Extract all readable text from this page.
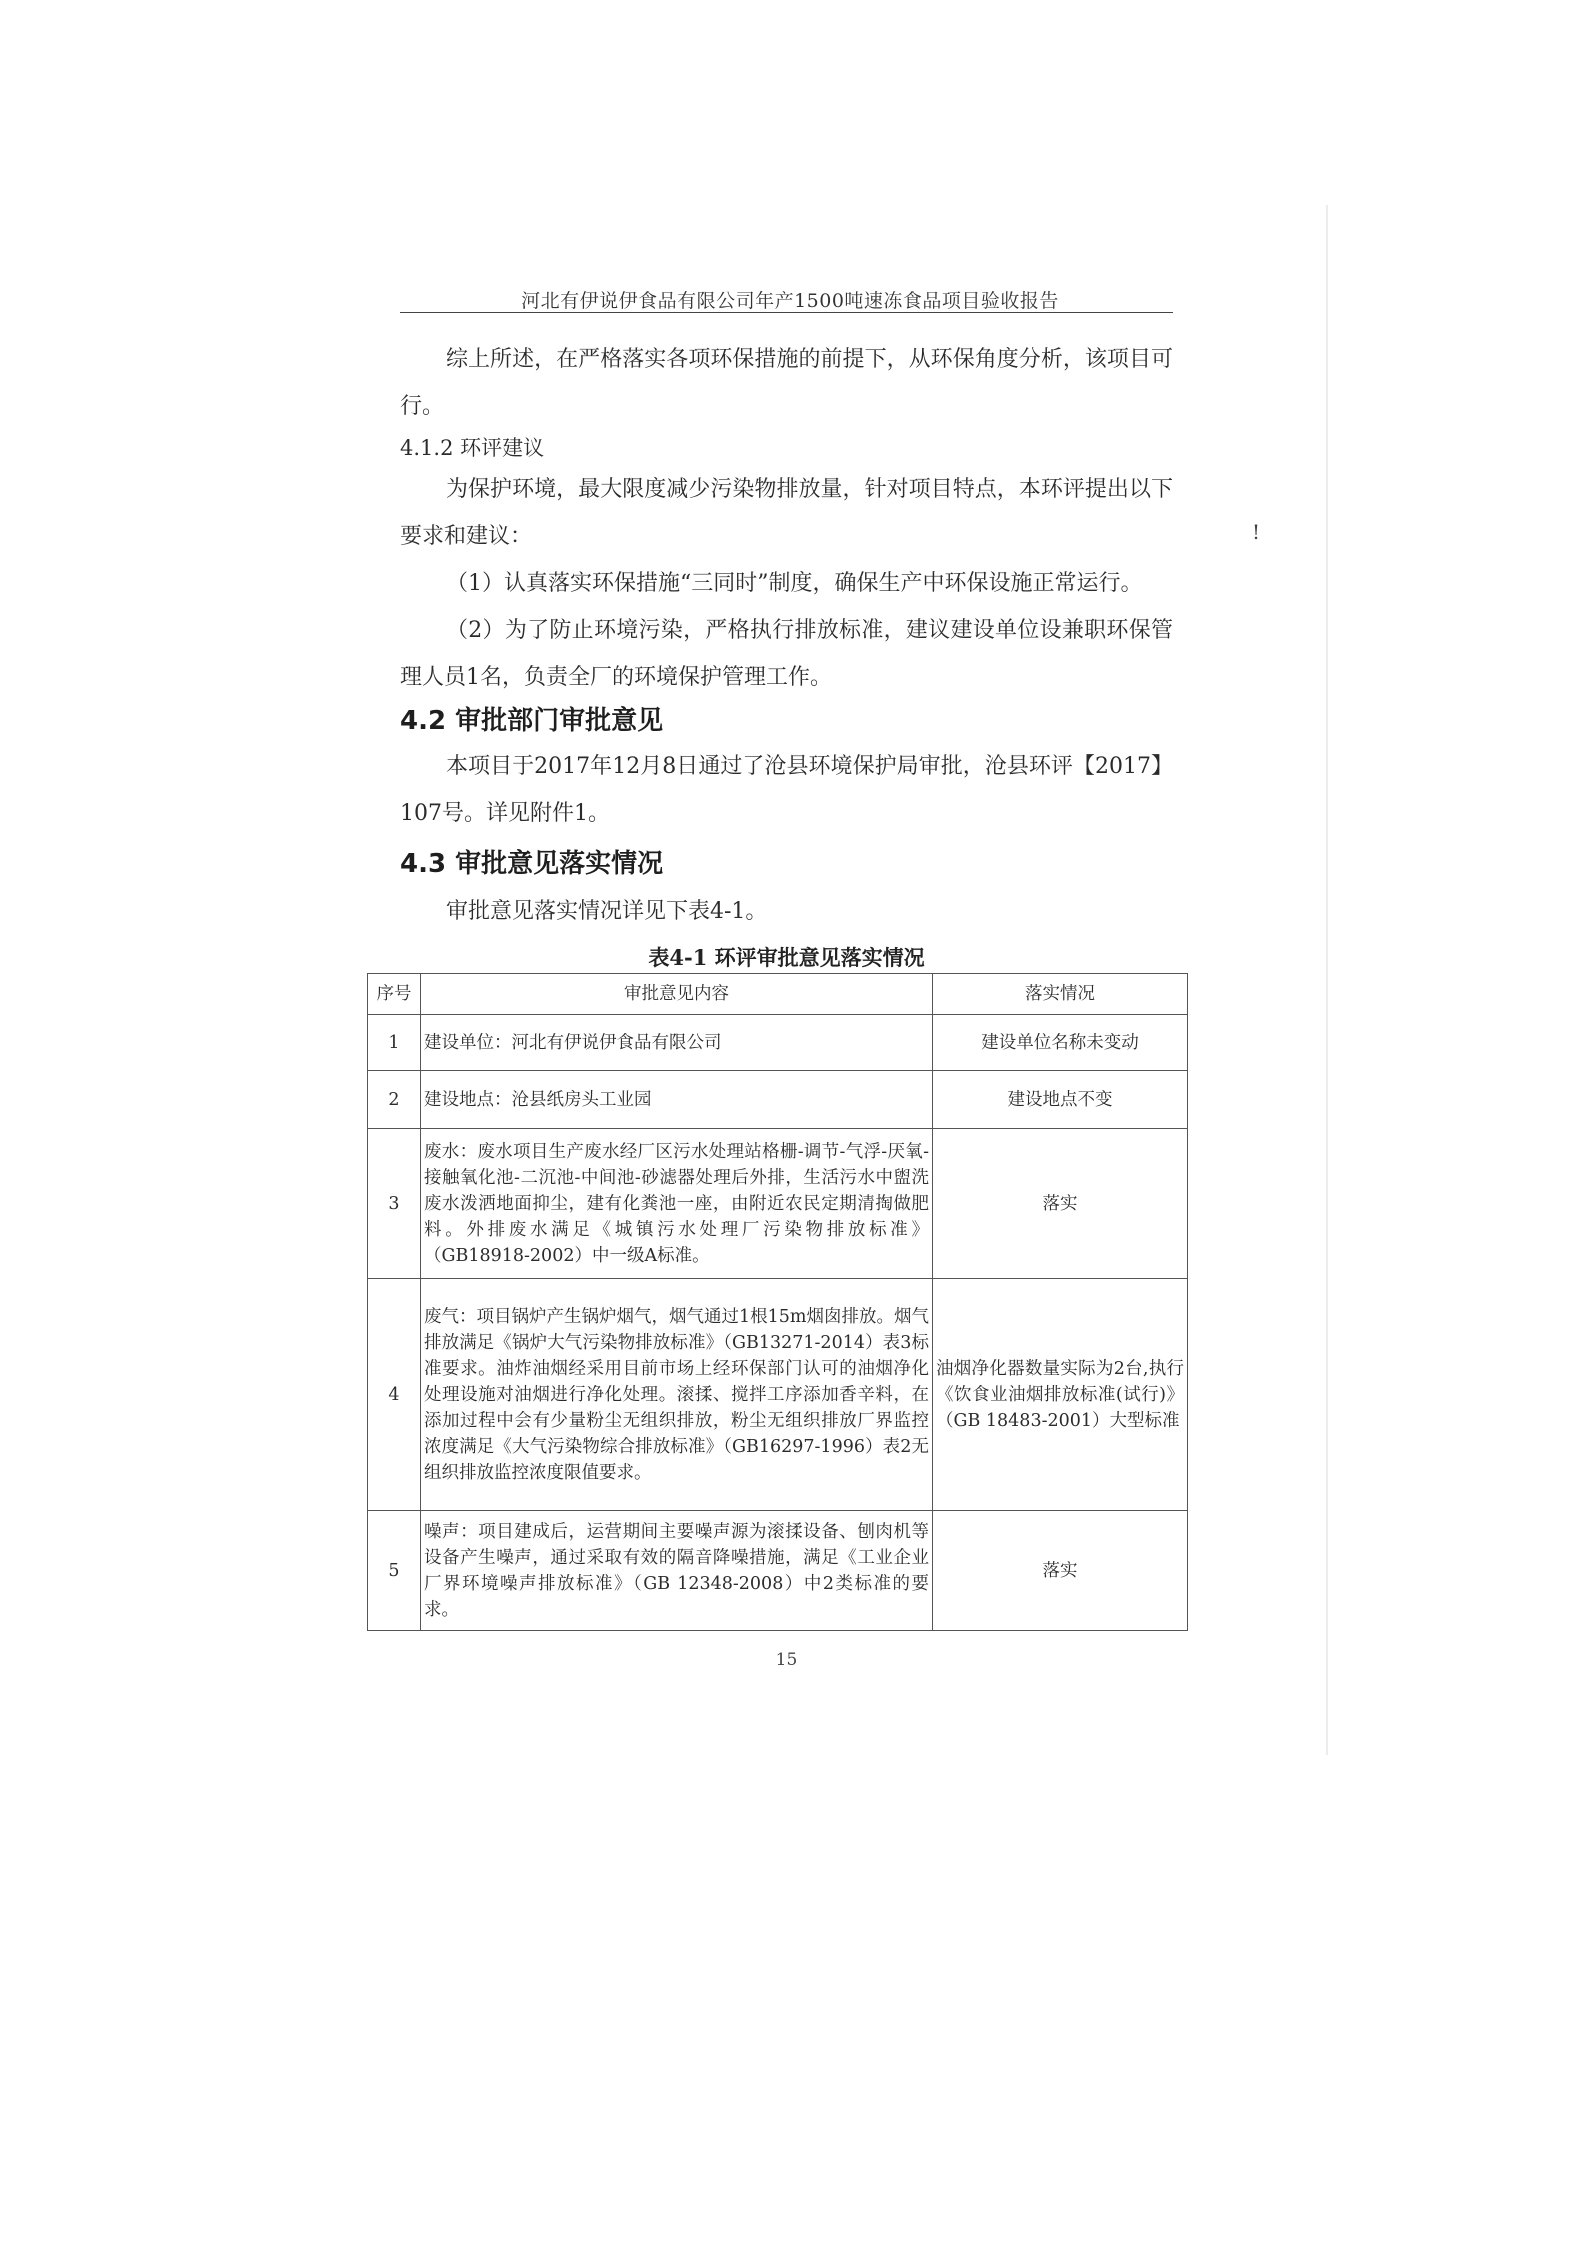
河北有伊说伊食品有限公司年产1500吨速冻食品项目验收报告
综上所述，在严格落实各项环保措施的前提下，从环保角度分析，该项目可行。
4.1.2 环评建议
为保护环境，最大限度减少污染物排放量，针对项目特点，本环评提出以下要求和建议：	!
（1）认真落实环保措施“三同时”制度，确保生产中环保设施正常运行。
（2）为了防止环境污染，严格执行排放标准，建议建设单位设兼职环保管理人员1名，负责全厂的环境保护管理工作。
4.2 审批部门审批意见
本项目于2017年12月8日通过了沧县环境保护局审批，沧县环评【2017】107号。详见附件1。
4.3 审批意见落实情况
审批意见落实情况详见下表4-1。
表4-1 环评审批意见落实情况
序号	审批意见内容	落实情况
1	建设单位：河北有伊说伊食品有限公司	建设单位名称未变动
2	建设地点：沧县纸房头工业园	建设地点不变
3	废水：废水项目生产废水经厂区污水处理站格栅-调节-气浮-厌氧-接触氧化池-二沉池-中间池-砂滤器处理后外排，生活污水中盥洗废水泼洒地面抑尘，建有化粪池一座，由附近农民定期清掏做肥料。外排废水满足《城镇污水处理厂污染物排放标准》（GB18918-2002）中一级A标准。	落实
4	废气：项目锅炉产生锅炉烟气，烟气通过1根15m烟囱排放。烟气排放满足《锅炉大气污染物排放标准》（GB13271-2014）表3标准要求。油炸油烟经采用目前市场上经环保部门认可的油烟净化处理设施对油烟进行净化处理。滚揉、搅拌工序添加香辛料，在添加过程中会有少量粉尘无组织排放，粉尘无组织排放厂界监控浓度满足《大气污染物综合排放标准》（GB16297-1996）表2无组织排放监控浓度限值要求。	油烟净化器数量实际为2台,执行《饮食业油烟排放标准(试行)》（GB 18483-2001）大型标准
5	噪声：项目建成后，运营期间主要噪声源为滚揉设备、刨肉机等设备产生噪声，通过采取有效的隔音降噪措施，满足《工业企业厂界环境噪声排放标准》（GB 12348-2008）中2类标准的要求。	落实
15
